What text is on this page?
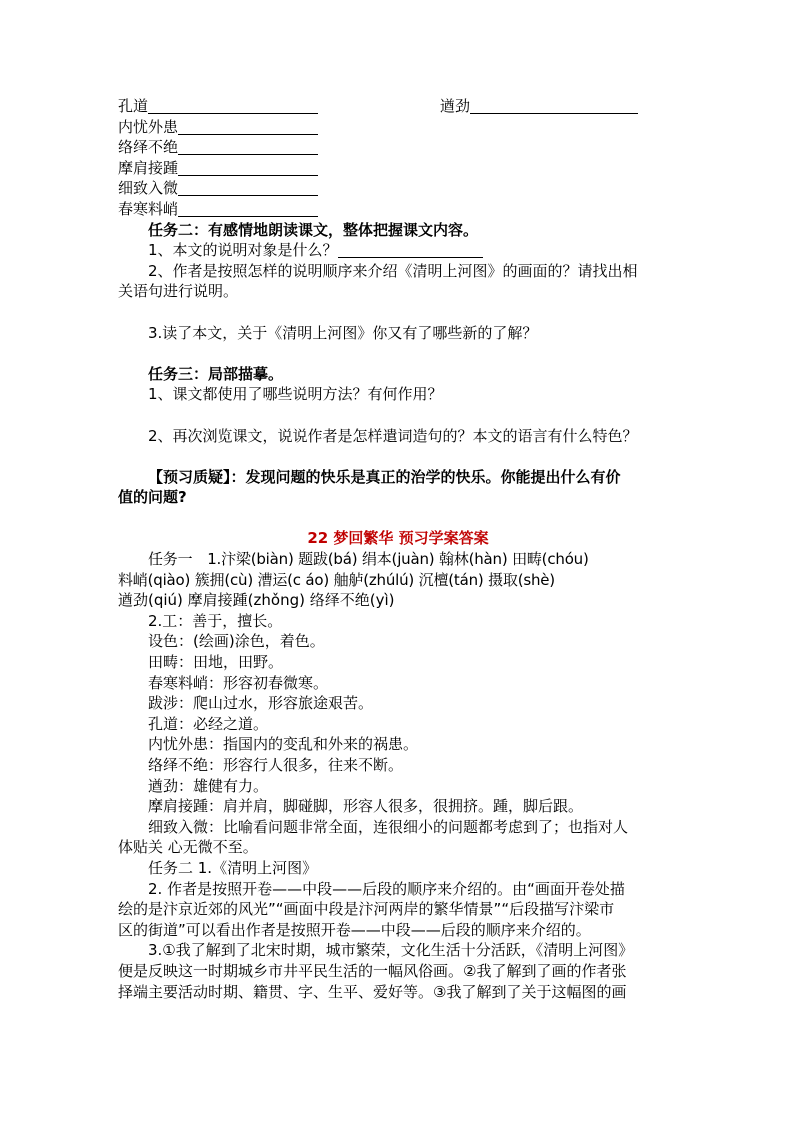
孔道	遒劲
内忧外患
络绎不绝
摩肩接踵
细致入微
春寒料峭
任务二：有感情地朗读课文，整体把握课文内容。
1、本文的说明对象是什么？
2、作者是按照怎样的说明顺序来介绍《清明上河图》的画面的？请找出相
关语句进行说明。
3.读了本文，关于《清明上河图》你又有了哪些新的了解？
任务三：局部描摹。
1、课文都使用了哪些说明方法？有何作用？
2、再次浏览课文，说说作者是怎样遣词造句的？本文的语言有什么特色？
【预习质疑】：发现问题的快乐是真正的治学的快乐。你能提出什么有价
值的问题?
22 梦回繁华 预习学案答案
任务一　1.汴梁(biàn) 题跋(bá) 绢本(juàn) 翰林(hàn) 田畴(chóu)
料峭(qiào) 簇拥(cù) 漕运(c áo) 舳舻(zhúlú) 沉檀(tán) 摄取(shè)
遒劲(qiú) 摩肩接踵(zhǒng) 络绎不绝(yì)
2.工：善于，擅长。
设色：(绘画)涂色，着色。
田畴：田地，田野。
春寒料峭：形容初春微寒。
跋涉：爬山过水，形容旅途艰苦。
孔道：必经之道。
内忧外患：指国内的变乱和外来的祸患。
络绎不绝：形容行人很多，往来不断。
遒劲：雄健有力。
摩肩接踵：肩并肩，脚碰脚，形容人很多，很拥挤。踵，脚后跟。
细致入微：比喻看问题非常全面，连很细小的问题都考虑到了；也指对人
体贴关 心无微不至。
任务二 1.《清明上河图》
2. 作者是按照开卷——中段——后段的顺序来介绍的。由“画面开卷处描
绘的是汴京近郊的风光”“画面中段是汴河两岸的繁华情景”“后段描写汴梁市
区的街道”可以看出作者是按照开卷——中段——后段的顺序来介绍的。
3.①我了解到了北宋时期，城市繁荣，文化生活十分活跃，《清明上河图》
便是反映这一时期城乡市井平民生活的一幅风俗画。②我了解到了画的作者张
择端主要活动时期、籍贯、字、生平、爱好等。③我了解到了关于这幅图的画
